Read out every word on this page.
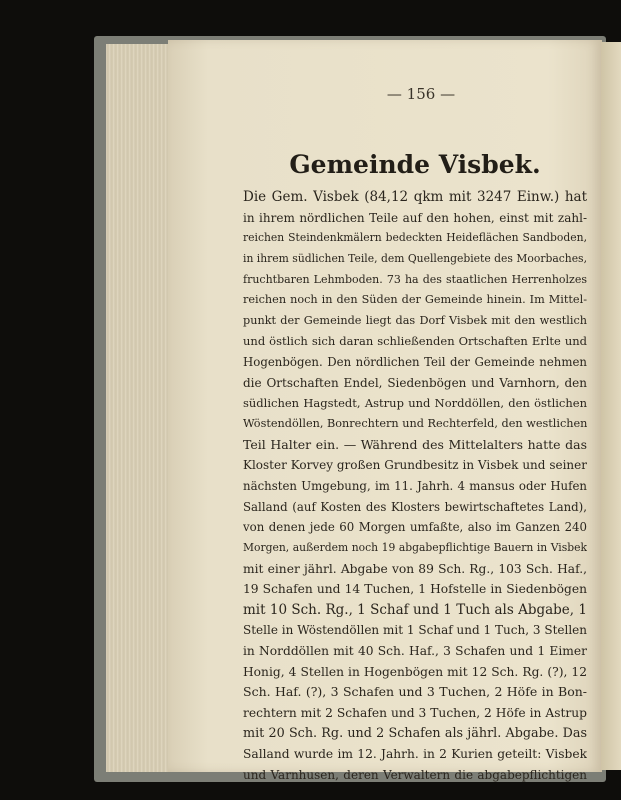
— 156 —
Gemeinde Visbek.
Die Gem. Visbek (84,12 qkm mit 3247 Einw.) hat
in ihrem nördlichen Teile auf den hohen, einst mit zahl-
reichen Steindenkmälern bedeckten Heideflächen Sandboden,
in ihrem südlichen Teile, dem Quellengebiete des Moorbaches,
fruchtbaren Lehmboden. 73 ha des staatlichen Herrenholzes
reichen noch in den Süden der Gemeinde hinein. Im Mittel-
punkt der Gemeinde liegt das Dorf Visbek mit den westlich
und östlich sich daran schließenden Ortschaften Erlte und
Hogenbögen. Den nördlichen Teil der Gemeinde nehmen
die Ortschaften Endel, Siedenbögen und Varnhorn, den
südlichen Hagstedt, Astrup und Norddöllen, den östlichen
Wöstendöllen, Bonrechtern und Rechterfeld, den westlichen
Teil Halter ein. — Während des Mittelalters hatte das
Kloster Korvey großen Grundbesitz in Visbek und seiner
nächsten Umgebung, im 11. Jahrh. 4 mansus oder Hufen
Salland (auf Kosten des Klosters bewirtschaftetes Land),
von denen jede 60 Morgen umfaßte, also im Ganzen 240
Morgen, außerdem noch 19 abgabepflichtige Bauern in Visbek
mit einer jährl. Abgabe von 89 Sch. Rg., 103 Sch. Haf.,
19 Schafen und 14 Tuchen, 1 Hofstelle in Siedenbögen
mit 10 Sch. Rg., 1 Schaf und 1 Tuch als Abgabe, 1
Stelle in Wöstendöllen mit 1 Schaf und 1 Tuch, 3 Stellen
in Norddöllen mit 40 Sch. Haf., 3 Schafen und 1 Eimer
Honig, 4 Stellen in Hogenbögen mit 12 Sch. Rg. (?), 12
Sch. Haf. (?), 3 Schafen und 3 Tuchen, 2 Höfe in Bon-
rechtern mit 2 Schafen und 3 Tuchen, 2 Höfe in Astrup
mit 20 Sch. Rg. und 2 Schafen als jährl. Abgabe. Das
Salland wurde im 12. Jahrh. in 2 Kurien geteilt: Visbek
und Varnhusen, deren Verwaltern die abgabepflichtigen
